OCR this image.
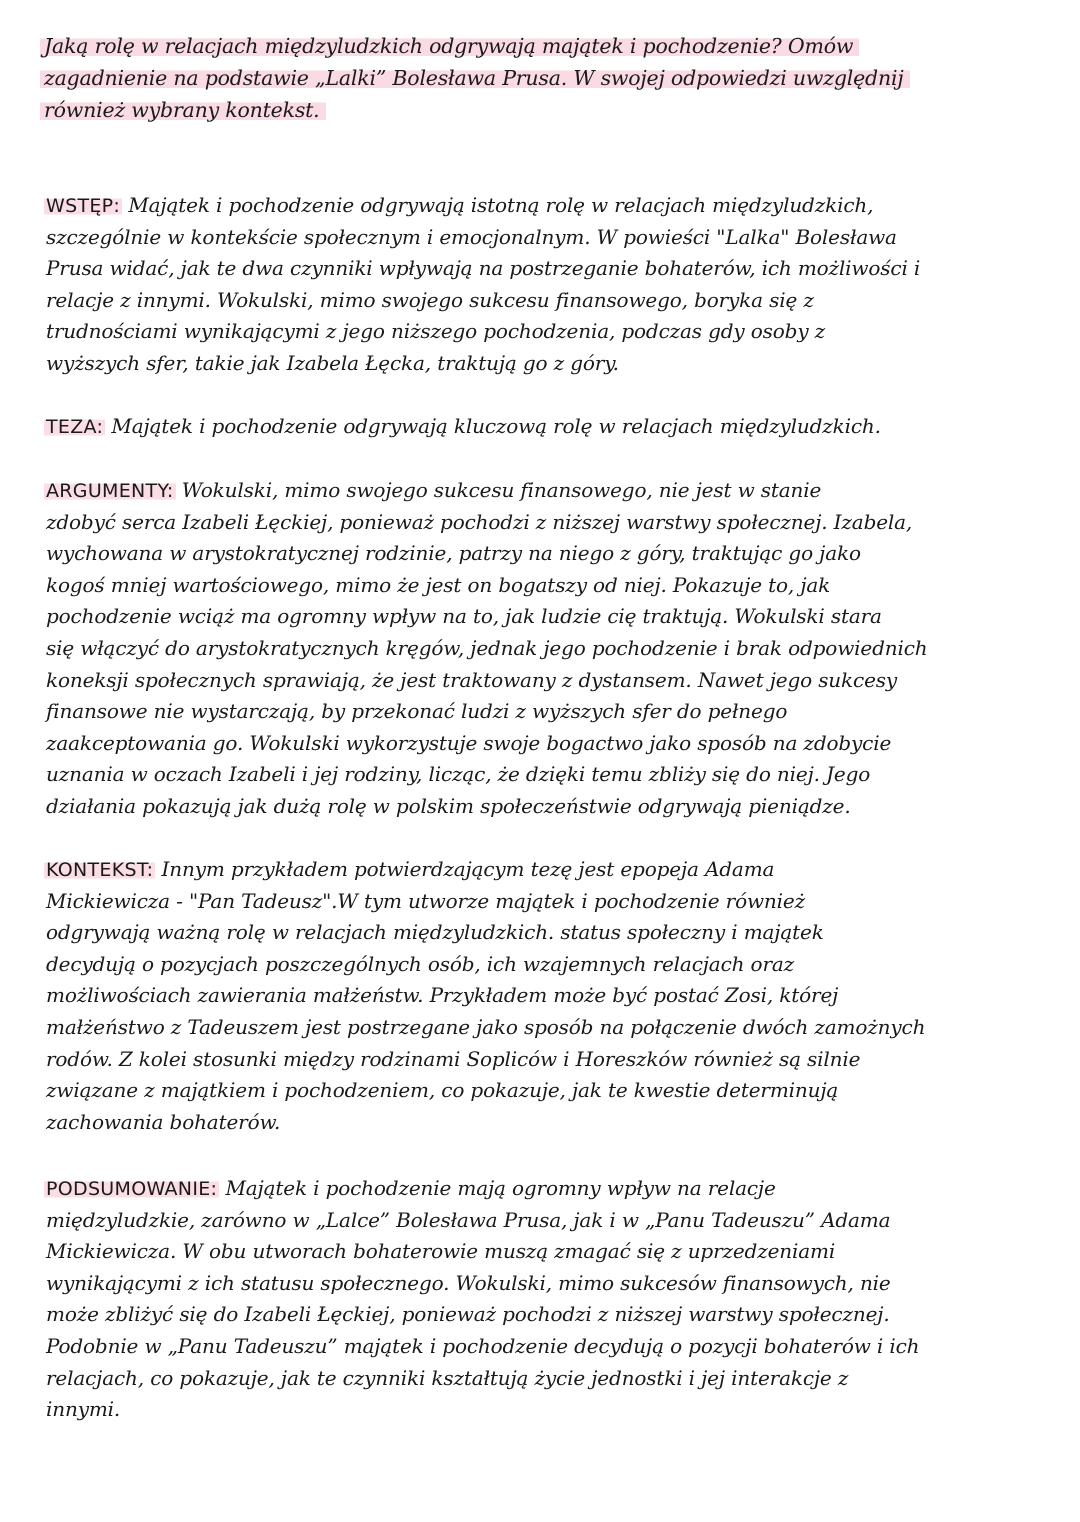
Jaką rolę w relacjach międzyludzkich odgrywają majątek i pochodzenie? Omów
zagadnienie na podstawie „Lalki” Bolesława Prusa. W swojej odpowiedzi uwzględnij
również wybrany kontekst.
WSTĘP: Majątek i pochodzenie odgrywają istotną rolę w relacjach międzyludzkich,
szczególnie w kontekście społecznym i emocjonalnym. W powieści "Lalka" Bolesława
Prusa widać, jak te dwa czynniki wpływają na postrzeganie bohaterów, ich możliwości i
relacje z innymi. Wokulski, mimo swojego sukcesu finansowego, boryka się z
trudnościami wynikającymi z jego niższego pochodzenia, podczas gdy osoby z
wyższych sfer, takie jak Izabela Łęcka, traktują go z góry.
TEZA: Majątek i pochodzenie odgrywają kluczową rolę w relacjach międzyludzkich.
ARGUMENTY: Wokulski, mimo swojego sukcesu finansowego, nie jest w stanie
zdobyć serca Izabeli Łęckiej, ponieważ pochodzi z niższej warstwy społecznej. Izabela,
wychowana w arystokratycznej rodzinie, patrzy na niego z góry, traktując go jako
kogoś mniej wartościowego, mimo że jest on bogatszy od niej. Pokazuje to, jak
pochodzenie wciąż ma ogromny wpływ na to, jak ludzie cię traktują. Wokulski stara
się włączyć do arystokratycznych kręgów, jednak jego pochodzenie i brak odpowiednich
koneksji społecznych sprawiają, że jest traktowany z dystansem. Nawet jego sukcesy
finansowe nie wystarczają, by przekonać ludzi z wyższych sfer do pełnego
zaakceptowania go. Wokulski wykorzystuje swoje bogactwo jako sposób na zdobycie
uznania w oczach Izabeli i jej rodziny, licząc, że dzięki temu zbliży się do niej. Jego
działania pokazują jak dużą rolę w polskim społeczeństwie odgrywają pieniądze.
KONTEKST: Innym przykładem potwierdzającym tezę jest epopeja Adama
Mickiewicza - "Pan Tadeusz".W tym utworze majątek i pochodzenie również
odgrywają ważną rolę w relacjach międzyludzkich. status społeczny i majątek
decydują o pozycjach poszczególnych osób, ich wzajemnych relacjach oraz
możliwościach zawierania małżeństw. Przykładem może być postać Zosi, której
małżeństwo z Tadeuszem jest postrzegane jako sposób na połączenie dwóch zamożnych
rodów. Z kolei stosunki między rodzinami Sopliców i Horeszków również są silnie
związane z majątkiem i pochodzeniem, co pokazuje, jak te kwestie determinują
zachowania bohaterów.
PODSUMOWANIE: Majątek i pochodzenie mają ogromny wpływ na relacje
międzyludzkie, zarówno w „Lalce” Bolesława Prusa, jak i w „Panu Tadeuszu” Adama
Mickiewicza. W obu utworach bohaterowie muszą zmagać się z uprzedzeniami
wynikającymi z ich statusu społecznego. Wokulski, mimo sukcesów finansowych, nie
może zbliżyć się do Izabeli Łęckiej, ponieważ pochodzi z niższej warstwy społecznej.
Podobnie w „Panu Tadeuszu” majątek i pochodzenie decydują o pozycji bohaterów i ich
relacjach, co pokazuje, jak te czynniki kształtują życie jednostki i jej interakcje z
innymi.
